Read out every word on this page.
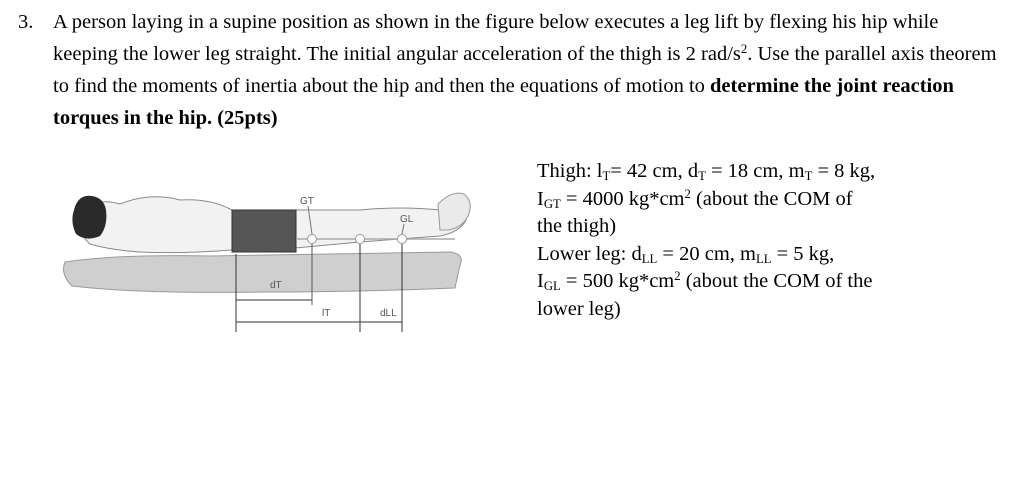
3. A person laying in a supine position as shown in the figure below executes a leg lift by flexing his hip while keeping the lower leg straight. The initial angular acceleration of the thigh is 2 rad/$s^2$. Use the parallel axis theorem to find the moments of inertia about the hip and then the equations of motion to determine the joint reaction torques in the hip. (25pts)
GT
GL
dT
lT	dLL
Thigh: $l_T= 42$ cm, $d_T = 18$ cm, $m_T = 8$ kg,
$I_{GT} = 4000$ $kg*cm^2$ (about the COM of
the thigh)
Lower leg: $d_{LL} = 20$ cm, $m_{LL} = 5$ kg,
$I_{GL} = 500$ $kg*cm^2$ (about the COM of the
lower leg)
